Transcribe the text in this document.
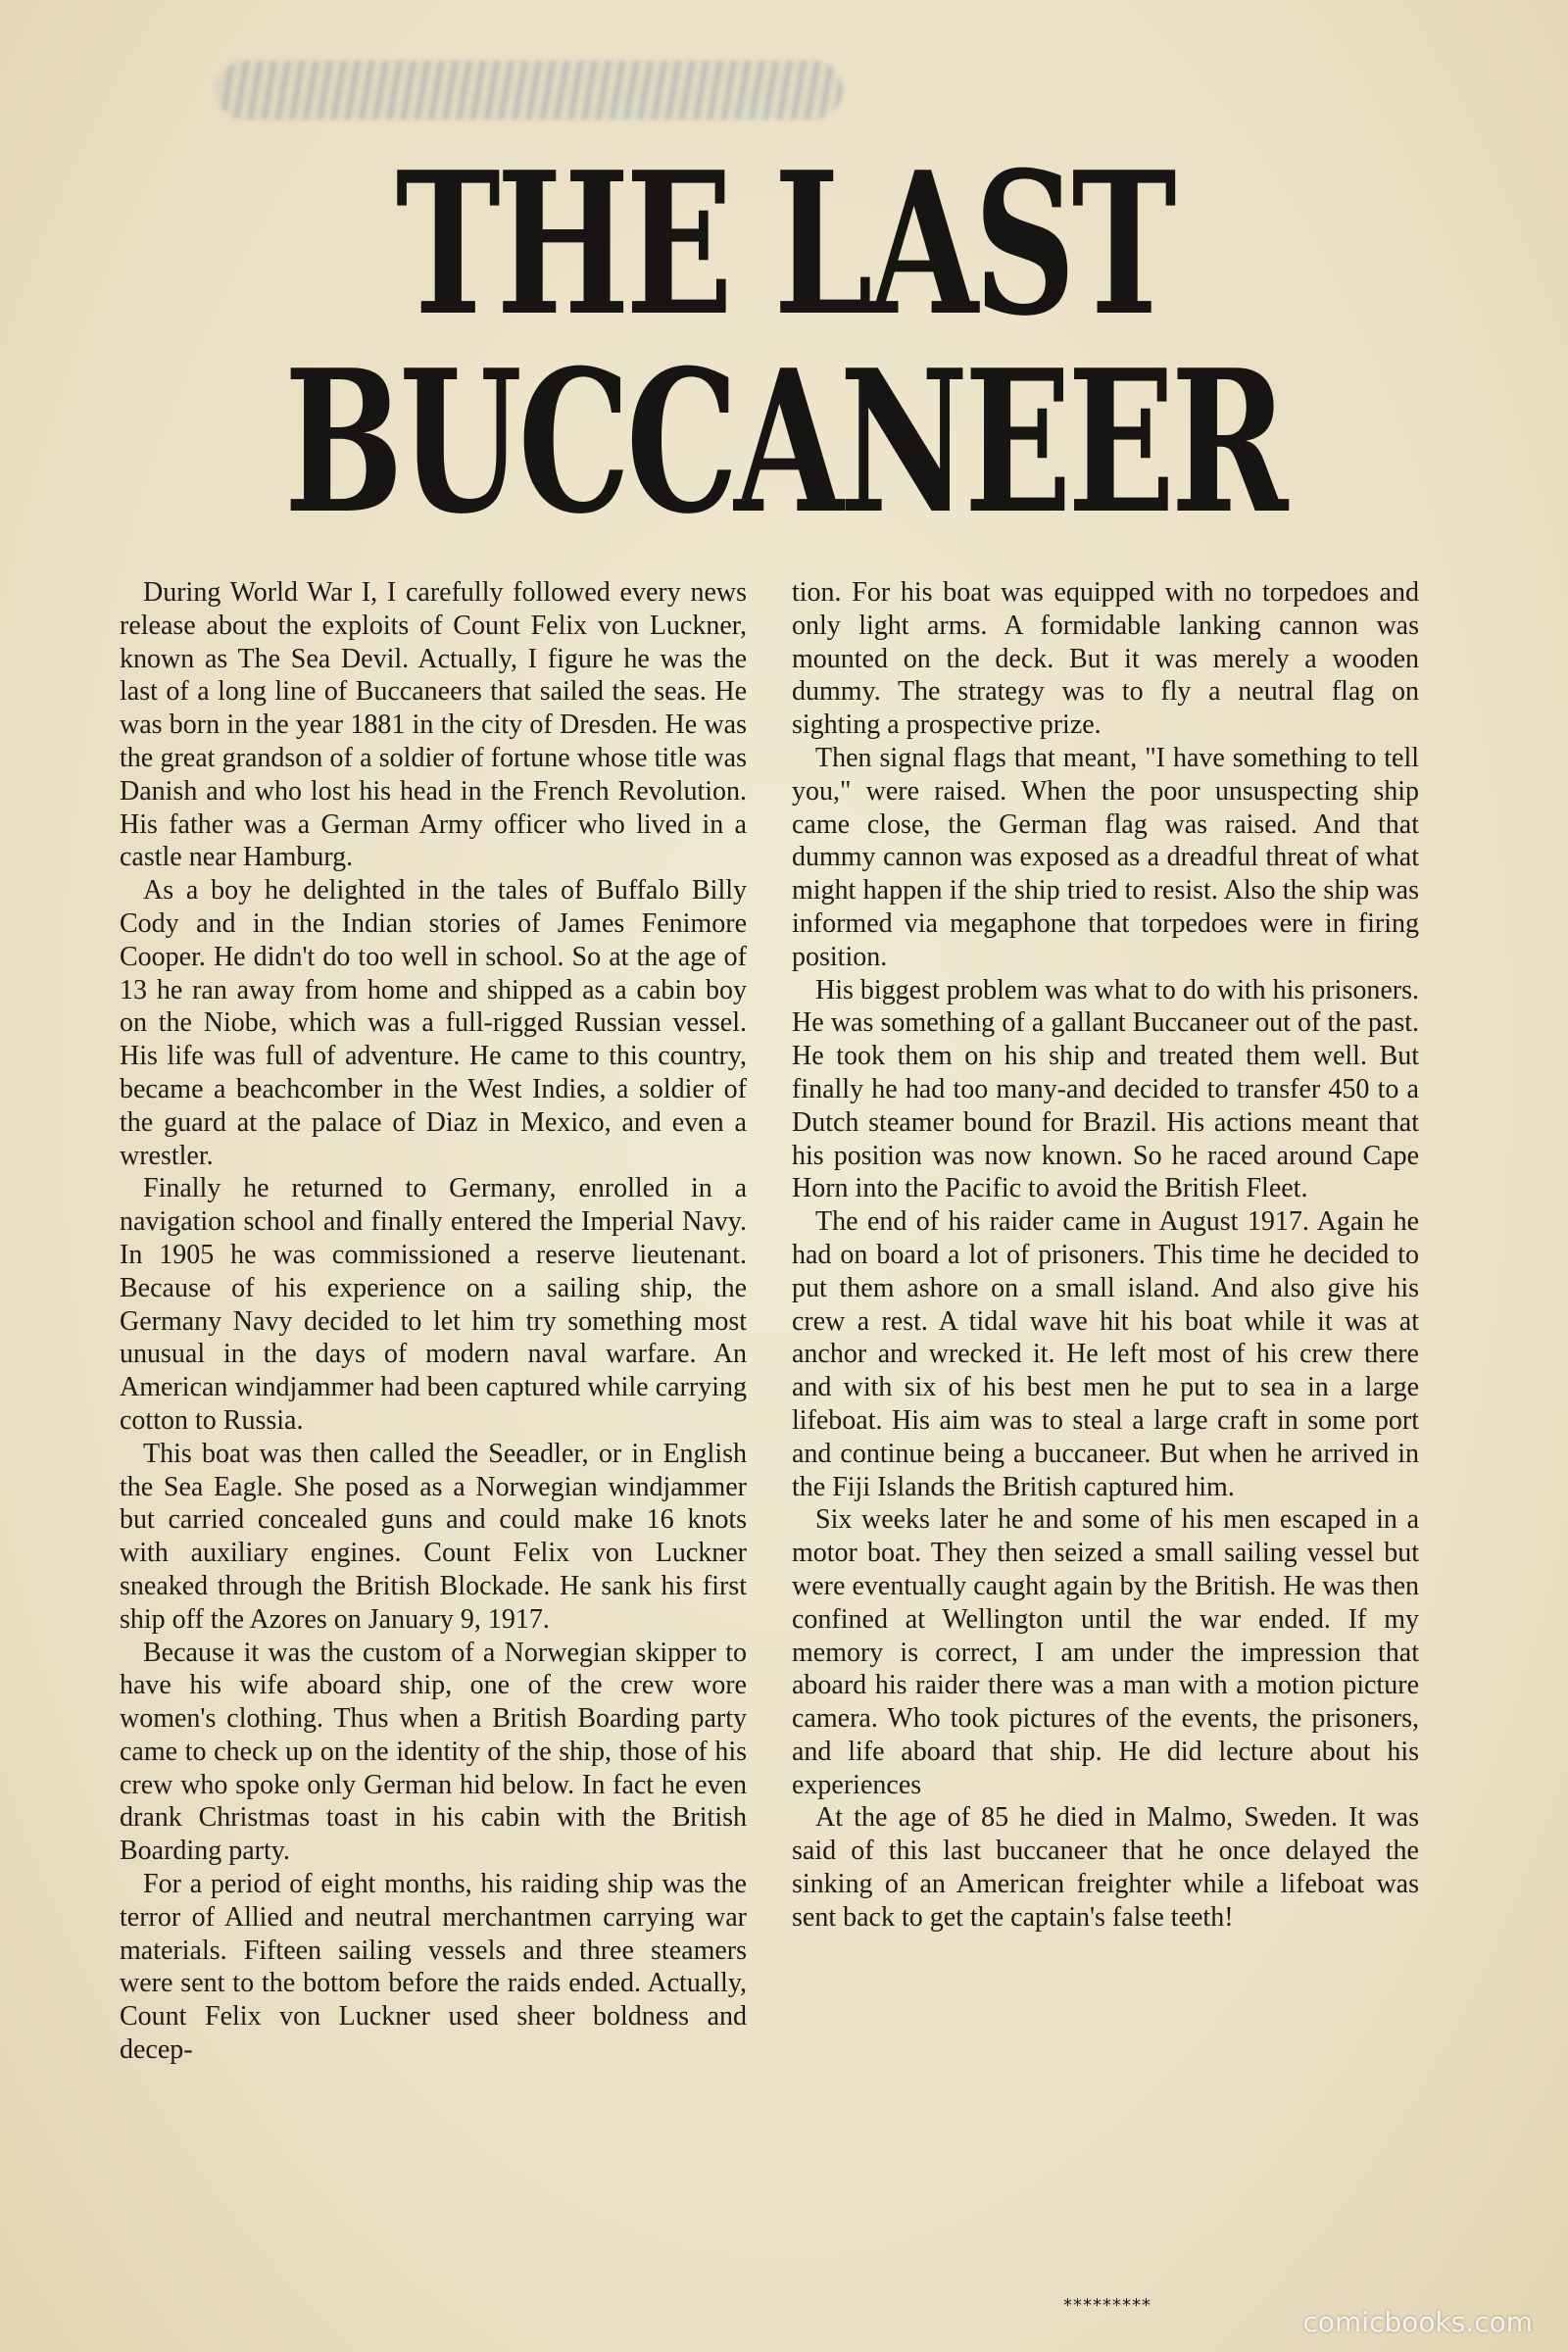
THE LAST
BUCCANEER

During World War I, I carefully followed every news release about the exploits of Count Felix von Luckner, known as The Sea Devil. Actually, I figure he was the last of a long line of Buccaneers that sailed the seas. He was born in the year 1881 in the city of Dresden. He was the great grandson of a soldier of fortune whose title was Danish and who lost his head in the French Revolution. His father was a German Army officer who lived in a castle near Hamburg.

As a boy he delighted in the tales of Buffalo Billy Cody and in the Indian stories of James Fenimore Cooper. He didn't do too well in school. So at the age of 13 he ran away from home and shipped as a cabin boy on the Niobe, which was a full-rigged Russian vessel. His life was full of adventure. He came to this country, became a beachcomber in the West Indies, a soldier of the guard at the palace of Diaz in Mexico, and even a wrestler.

Finally he returned to Germany, enrolled in a navigation school and finally entered the Imperial Navy. In 1905 he was commissioned a reserve lieutenant. Because of his experience on a sailing ship, the Germany Navy decided to let him try something most unusual in the days of modern naval warfare. An American windjammer had been captured while carrying cotton to Russia.

This boat was then called the Seeadler, or in English the Sea Eagle. She posed as a Norwegian windjammer but carried concealed guns and could make 16 knots with auxiliary engines. Count Felix von Luckner sneaked through the British Blockade. He sank his first ship off the Azores on January 9, 1917.

Because it was the custom of a Norwegian skipper to have his wife aboard ship, one of the crew wore women's clothing. Thus when a British Boarding party came to check up on the identity of the ship, those of his crew who spoke only German hid below. In fact he even drank Christmas toast in his cabin with the British Boarding party.

For a period of eight months, his raiding ship was the terror of Allied and neutral merchantmen carrying war materials. Fifteen sailing vessels and three steamers were sent to the bottom before the raids ended. Actually, Count Felix von Luckner used sheer boldness and decep-

tion. For his boat was equipped with no torpedoes and only light arms. A formidable lanking cannon was mounted on the deck. But it was merely a wooden dummy. The strategy was to fly a neutral flag on sighting a prospective prize.

Then signal flags that meant, "I have something to tell you," were raised. When the poor unsuspecting ship came close, the German flag was raised. And that dummy cannon was exposed as a dreadful threat of what might happen if the ship tried to resist. Also the ship was informed via megaphone that torpedoes were in firing position.

His biggest problem was what to do with his prisoners. He was something of a gallant Buccaneer out of the past. He took them on his ship and treated them well. But finally he had too many-and decided to transfer 450 to a Dutch steamer bound for Brazil. His actions meant that his position was now known. So he raced around Cape Horn into the Pacific to avoid the British Fleet.

The end of his raider came in August 1917. Again he had on board a lot of prisoners. This time he decided to put them ashore on a small island. And also give his crew a rest. A tidal wave hit his boat while it was at anchor and wrecked it. He left most of his crew there and with six of his best men he put to sea in a large lifeboat. His aim was to steal a large craft in some port and continue being a buccaneer. But when he arrived in the Fiji Islands the British captured him.

Six weeks later he and some of his men escaped in a motor boat. They then seized a small sailing vessel but were eventually caught again by the British. He was then confined at Wellington until the war ended. If my memory is correct, I am under the impression that aboard his raider there was a man with a motion picture camera. Who took pictures of the events, the prisoners, and life aboard that ship. He did lecture about his experiences

At the age of 85 he died in Malmo, Sweden. It was said of this last buccaneer that he once delayed the sinking of an American freighter while a lifeboat was sent back to get the captain's false teeth!

*********
comicbooks.com
